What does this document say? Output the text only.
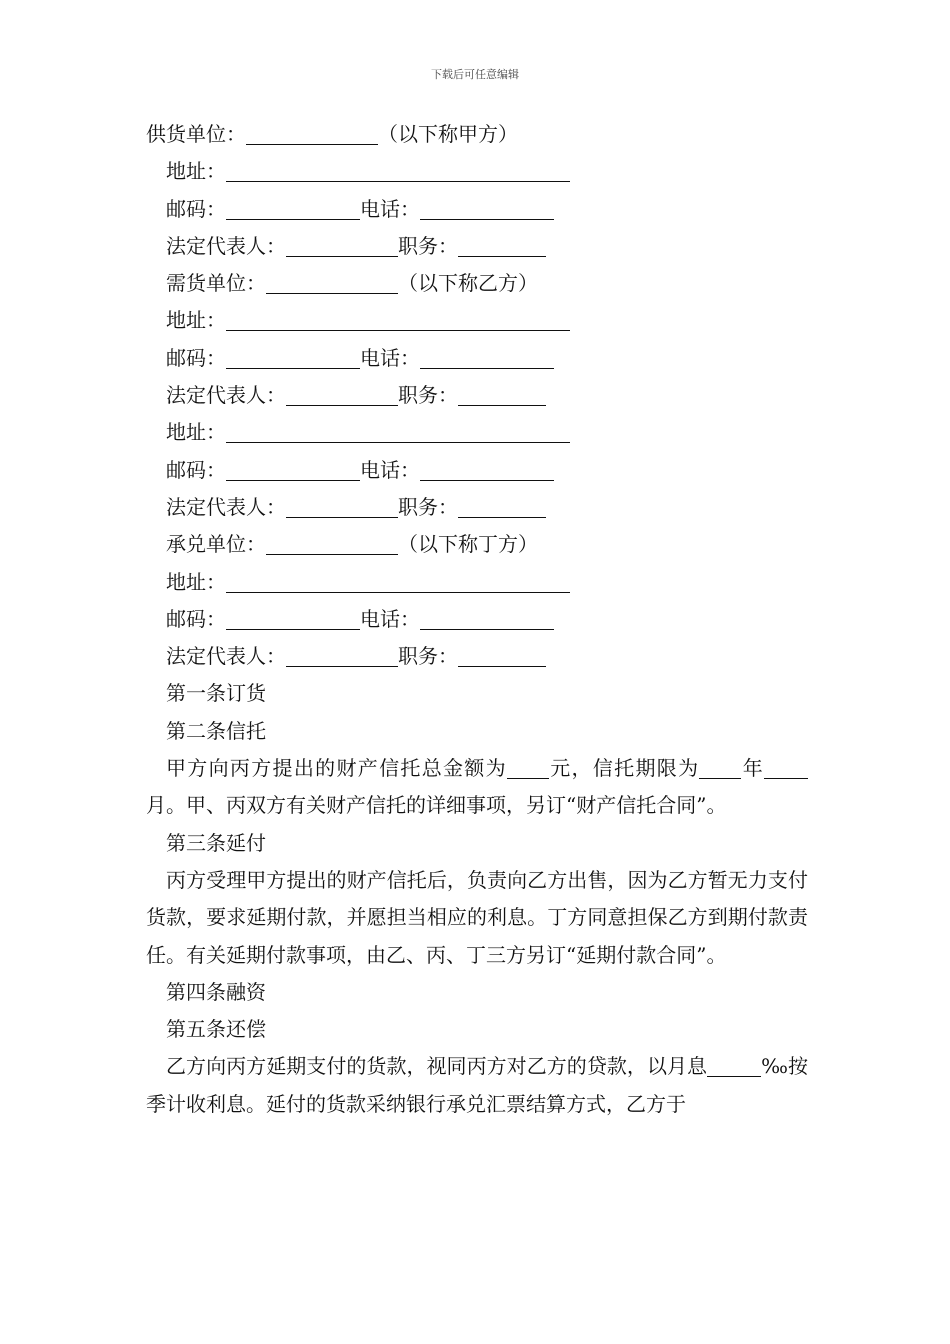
下载后可任意编辑
供货单位：	（以下称甲方）
地址：
邮码：	电话：
法定代表人：	职务：
需货单位：	（以下称乙方）
地址：
邮码：	电话：
法定代表人：	职务：
地址：
邮码：	电话：
法定代表人：	职务：
承兑单位：	（以下称丁方）
地址：
邮码：	电话：
法定代表人：	职务：
第一条订货
第二条信托
甲方向丙方提出的财产信托总金额为 元，信托期限为 年月。甲、丙双方有关财产信托的详细事项，另订“财产信托合同”。
第三条延付
丙方受理甲方提出的财产信托后，负责向乙方出售，因为乙方暂无力支付货款，要求延期付款，并愿担当相应的利息。丁方同意担保乙方到期付款责任。有关延期付款事项，由乙、丙、丁三方另订“延期付款合同”。
第四条融资
第五条还偿
乙方向丙方延期支付的货款，视同丙方对乙方的贷款，以月息	‰按季计收利息。延付的货款采纳银行承兑汇票结算方式，乙方于
